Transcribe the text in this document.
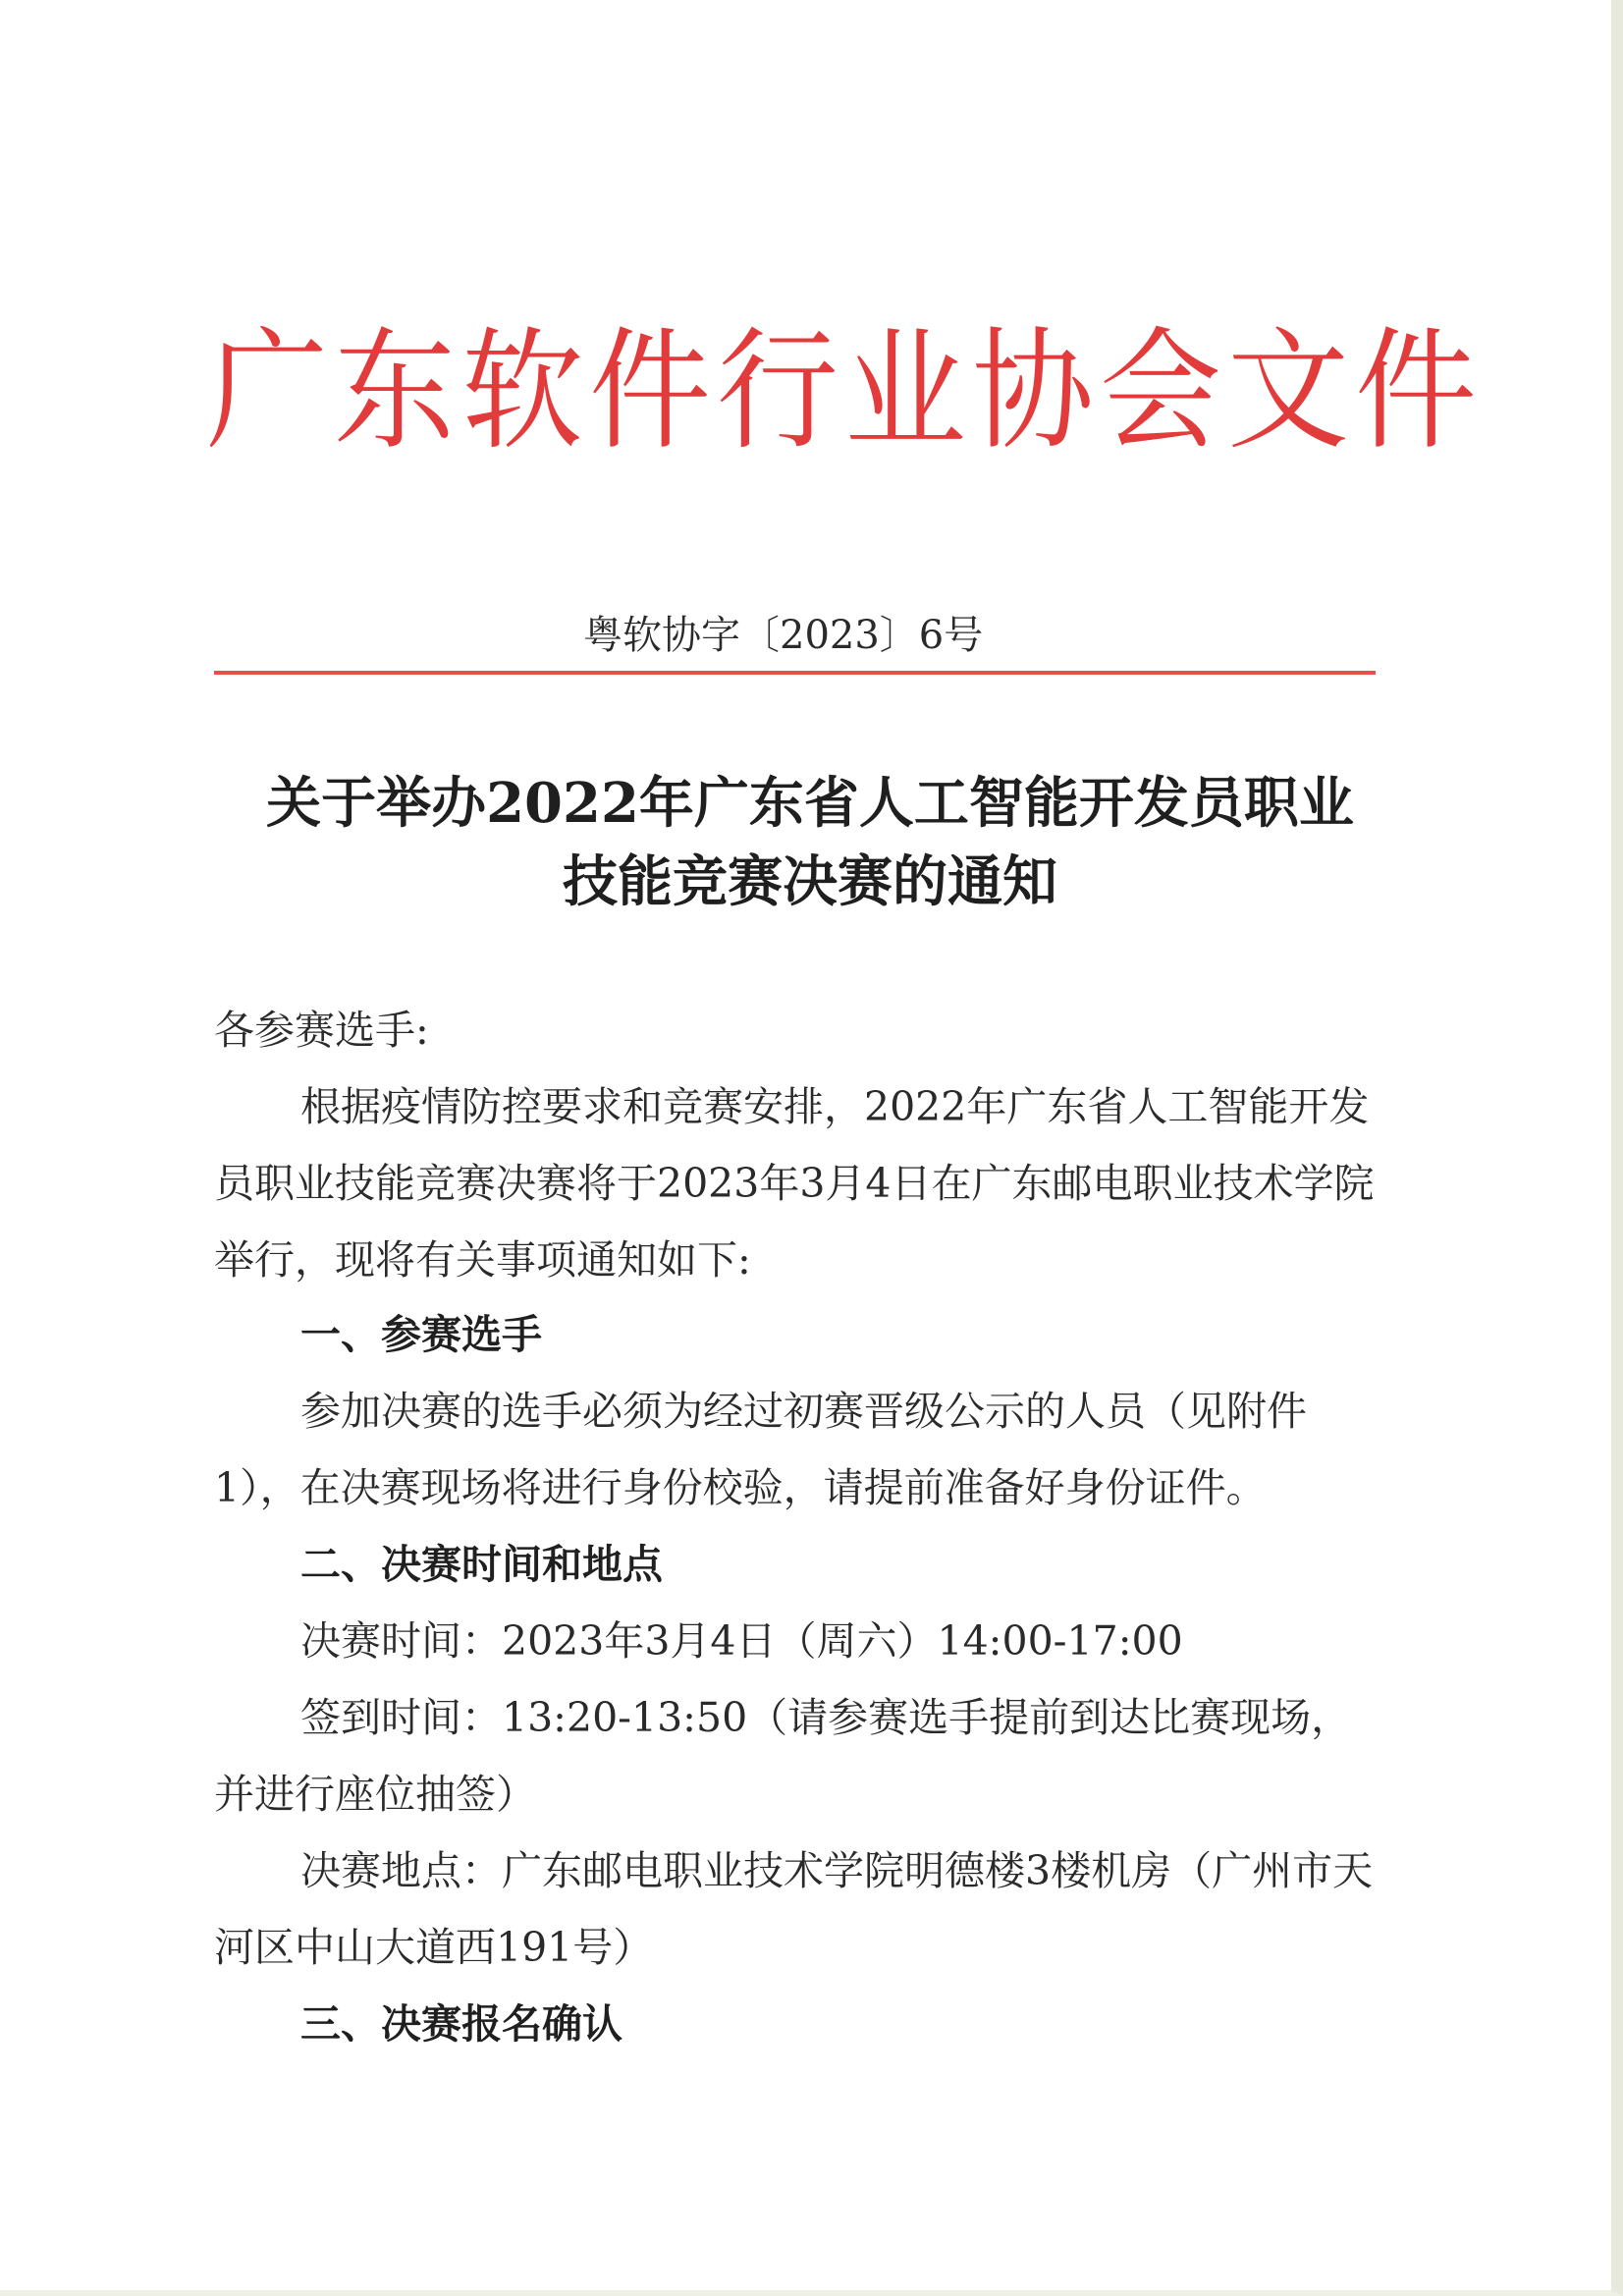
广东软件行业协会文件
粤软协字〔2023〕6号
关于举办2022年广东省人工智能开发员职业
技能竞赛决赛的通知

各参赛选手:

根据疫情防控要求和竞赛安排，2022年广东省人工智能开发员职业技能竞赛决赛将于2023年3月4日在广东邮电职业技术学院举行，现将有关事项通知如下:

一、参赛选手

参加决赛的选手必须为经过初赛晋级公示的人员（见附件1），在决赛现场将进行身份校验，请提前准备好身份证件。

二、决赛时间和地点

决赛时间：2023年3月4日（周六）14:00-17:00

签到时间：13:20-13:50（请参赛选手提前到达比赛现场，并进行座位抽签）

决赛地点：广东邮电职业技术学院明德楼3楼机房（广州市天河区中山大道西191号）

三、决赛报名确认
